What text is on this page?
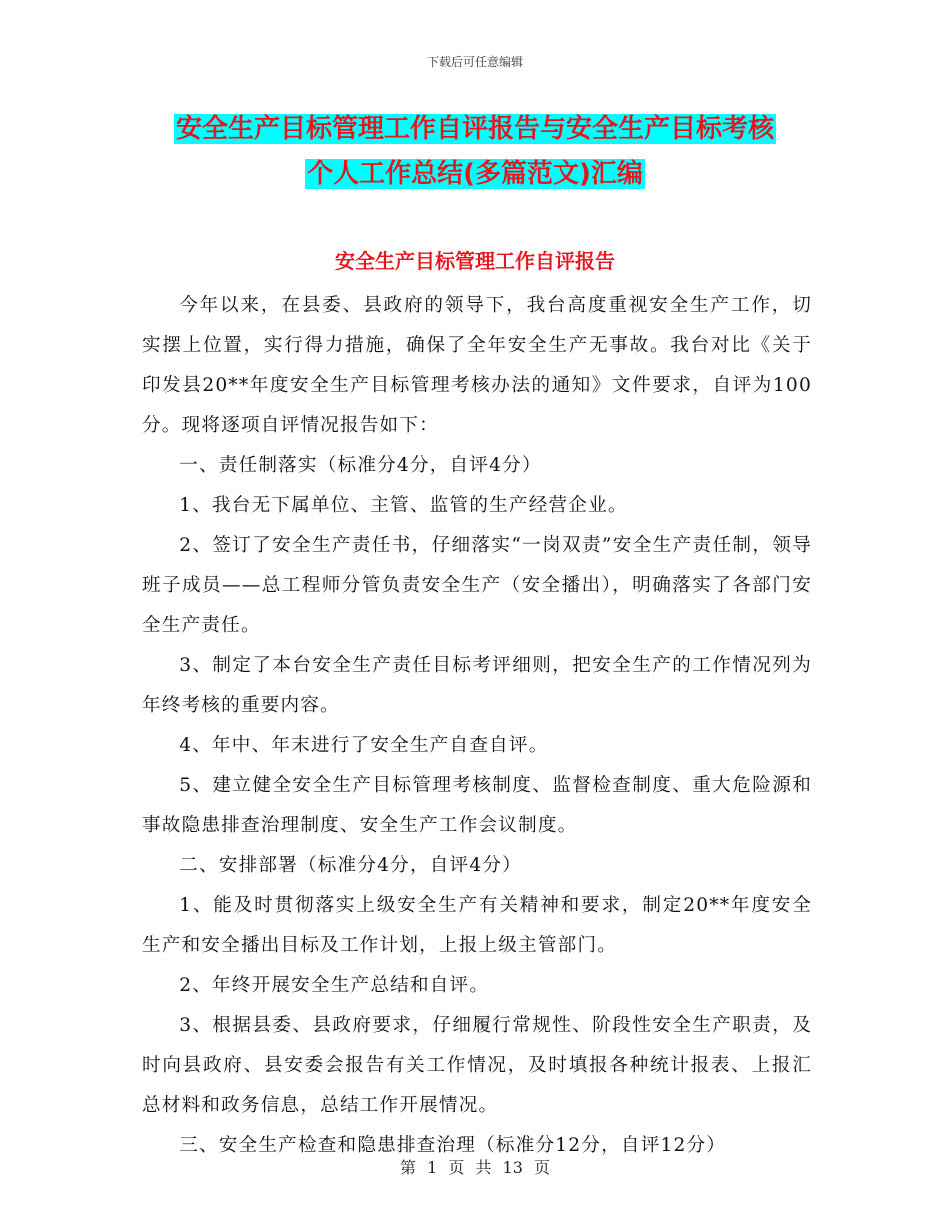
下载后可任意编辑
安全生产目标管理工作自评报告与安全生产目标考核
个人工作总结(多篇范文)汇编
安全生产目标管理工作自评报告

今年以来，在县委、县政府的领导下，我台高度重视安全生产工作，切实摆上位置，实行得力措施，确保了全年安全生产无事故。我台对比《关于印发县20**年度安全生产目标管理考核办法的通知》文件要求，自评为100分。现将逐项自评情况报告如下：

一、责任制落实（标准分4分，自评4分）

1、我台无下属单位、主管、监管的生产经营企业。

2、签订了安全生产责任书，仔细落实“一岗双责”安全生产责任制，领导班子成员——总工程师分管负责安全生产（安全播出），明确落实了各部门安全生产责任。

3、制定了本台安全生产责任目标考评细则，把安全生产的工作情况列为年终考核的重要内容。

4、年中、年末进行了安全生产自查自评。

5、建立健全安全生产目标管理考核制度、监督检查制度、重大危险源和事故隐患排查治理制度、安全生产工作会议制度。

二、安排部署（标准分4分，自评4分）

1、能及时贯彻落实上级安全生产有关精神和要求，制定20**年度安全生产和安全播出目标及工作计划，上报上级主管部门。

2、年终开展安全生产总结和自评。

3、根据县委、县政府要求，仔细履行常规性、阶段性安全生产职责，及时向县政府、县安委会报告有关工作情况，及时填报各种统计报表、上报汇总材料和政务信息，总结工作开展情况。

三、安全生产检查和隐患排查治理（标准分12分，自评12分）

第 1 页 共 13 页
